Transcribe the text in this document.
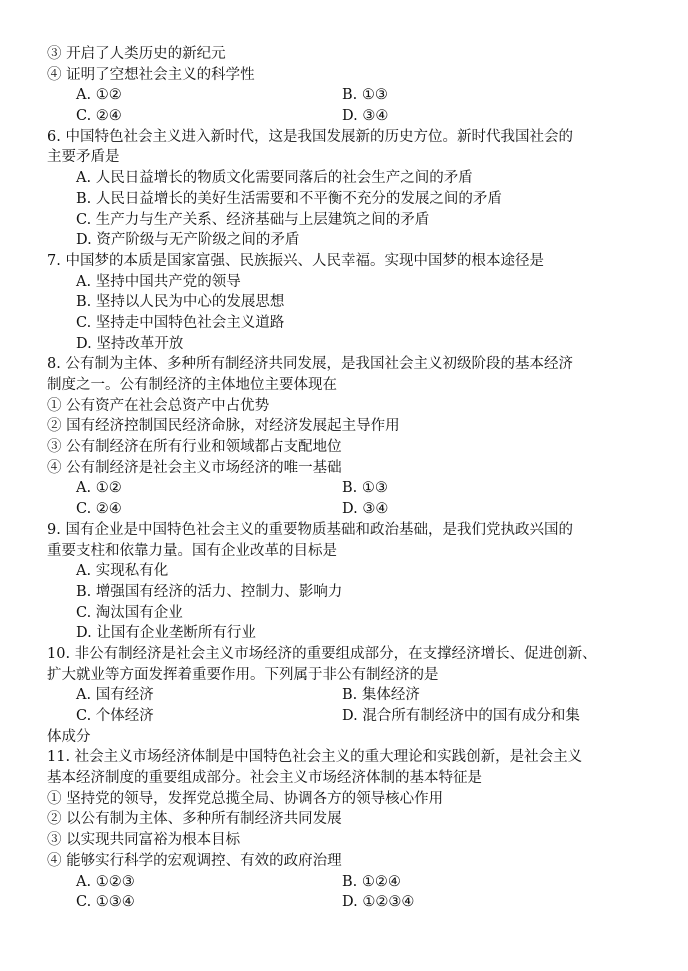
③ 开启了人类历史的新纪元
④ 证明了空想社会主义的科学性
A. ①②	B. ①③
C. ②④	D. ③④
6. 中国特色社会主义进入新时代，这是我国发展新的历史方位。新时代我国社会的
主要矛盾是
A. 人民日益增长的物质文化需要同落后的社会生产之间的矛盾
B. 人民日益增长的美好生活需要和不平衡不充分的发展之间的矛盾
C. 生产力与生产关系、经济基础与上层建筑之间的矛盾
D. 资产阶级与无产阶级之间的矛盾
7. 中国梦的本质是国家富强、民族振兴、人民幸福。实现中国梦的根本途径是
A. 坚持中国共产党的领导
B. 坚持以人民为中心的发展思想
C. 坚持走中国特色社会主义道路
D. 坚持改革开放
8. 公有制为主体、多种所有制经济共同发展，是我国社会主义初级阶段的基本经济
制度之一。公有制经济的主体地位主要体现在
① 公有资产在社会总资产中占优势
② 国有经济控制国民经济命脉，对经济发展起主导作用
③ 公有制经济在所有行业和领域都占支配地位
④ 公有制经济是社会主义市场经济的唯一基础
A. ①②	B. ①③
C. ②④	D. ③④
9. 国有企业是中国特色社会主义的重要物质基础和政治基础，是我们党执政兴国的
重要支柱和依靠力量。国有企业改革的目标是
A. 实现私有化
B. 增强国有经济的活力、控制力、影响力
C. 淘汰国有企业
D. 让国有企业垄断所有行业
10. 非公有制经济是社会主义市场经济的重要组成部分，在支撑经济增长、促进创新、
扩大就业等方面发挥着重要作用。下列属于非公有制经济的是
A. 国有经济	B. 集体经济
C. 个体经济	D. 混合所有制经济中的国有成分和集
体成分
11. 社会主义市场经济体制是中国特色社会主义的重大理论和实践创新，是社会主义
基本经济制度的重要组成部分。社会主义市场经济体制的基本特征是
① 坚持党的领导，发挥党总揽全局、协调各方的领导核心作用
② 以公有制为主体、多种所有制经济共同发展
③ 以实现共同富裕为根本目标
④ 能够实行科学的宏观调控、有效的政府治理
A. ①②③	B. ①②④
C. ①③④	D. ①②③④
